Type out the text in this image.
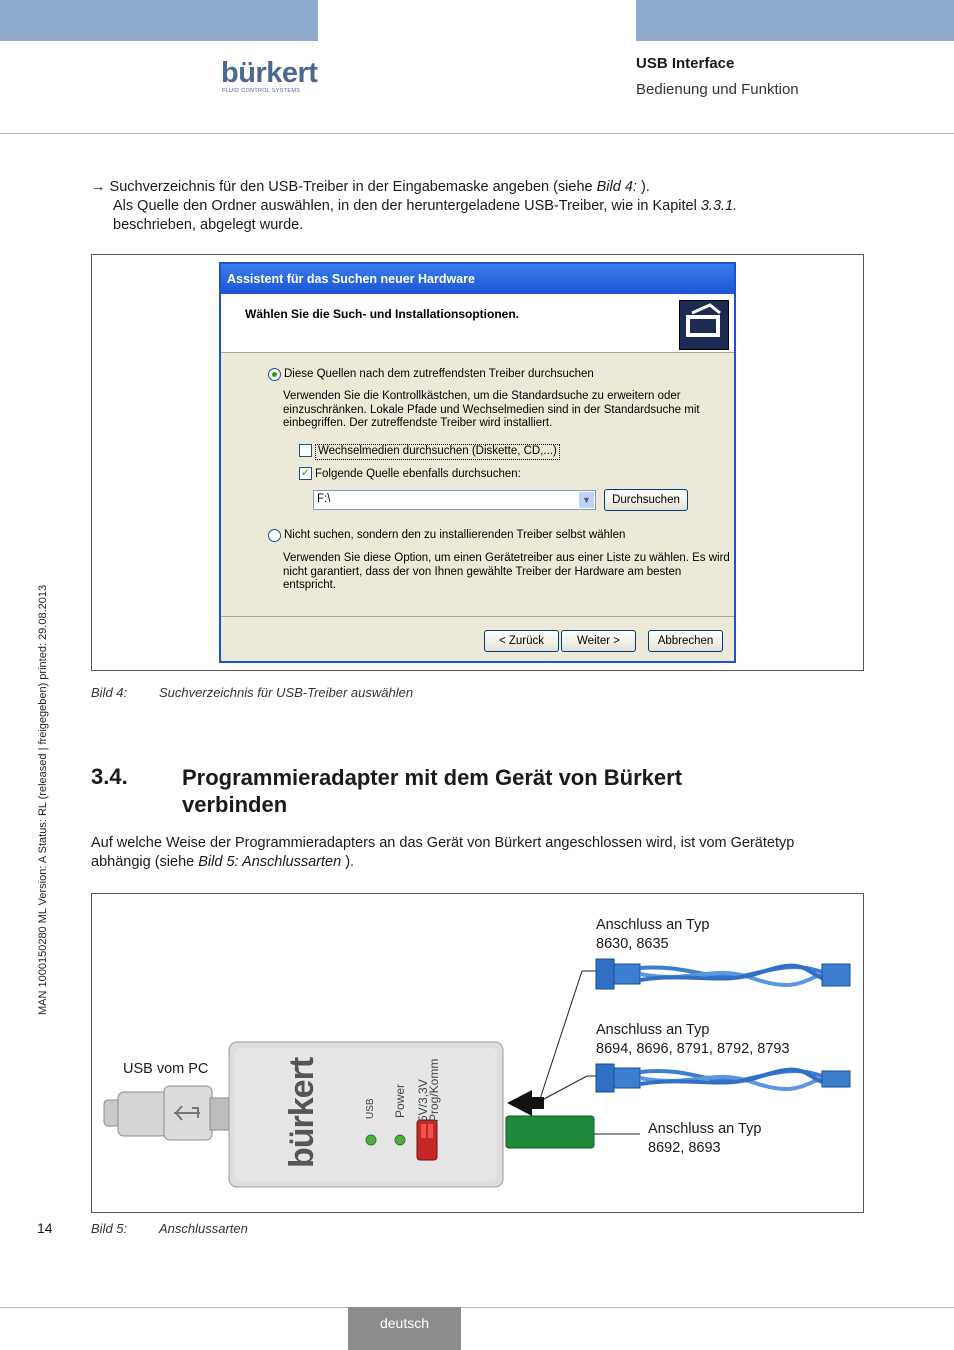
bürkert
FLUID CONTROL SYSTEMS
USB Interface
Bedienung und Funktion
MAN 1000150280 ML Version: A Status: RL (released | freigegeben) printed: 29.08.2013
→ Suchverzeichnis für den USB-Treiber in der Eingabemaske angeben (siehe Bild 4: ).
Als Quelle den Ordner auswählen, in den der heruntergeladene USB-Treiber, wie in Kapitel 3.3.1.
beschrieben, abgelegt wurde.
Assistent für das Suchen neuer Hardware
Wählen Sie die Such- und Installationsoptionen.
Diese Quellen nach dem zutreffendsten Treiber durchsuchen
Verwenden Sie die Kontrollkästchen, um die Standardsuche zu erweitern oder
einzuschränken. Lokale Pfade und Wechselmedien sind in der Standardsuche mit
einbegriffen. Der zutreffendste Treiber wird installiert.
Wechselmedien durchsuchen (Diskette, CD,...)
✓ Folgende Quelle ebenfalls durchsuchen:
F:\	▼	Durchsuchen
Nicht suchen, sondern den zu installierenden Treiber selbst wählen
Verwenden Sie diese Option, um einen Gerätetreiber aus einer Liste zu wählen. Es wird
nicht garantiert, dass der von Ihnen gewählte Treiber der Hardware am besten entspricht.
< Zurück	Weiter >	Abbrechen
Bild 4: Suchverzeichnis für USB-Treiber auswählen
3.4. Programmieradapter mit dem Gerät von Bürkert
verbinden
Auf welche Weise der Programmieradapters an das Gerät von Bürkert angeschlossen wird, ist vom Gerätetyp
abhängig (siehe Bild 5: Anschlussarten ).
bürkert	USB Power 5V/3,3V
Prog/Komm
USB vom PC
Anschluss an Typ
8630, 8635
Anschluss an Typ
8694, 8696, 8791, 8792, 8793
Anschluss an Typ
8692, 8693
14	Bild 5: Anschlussarten
deutsch
